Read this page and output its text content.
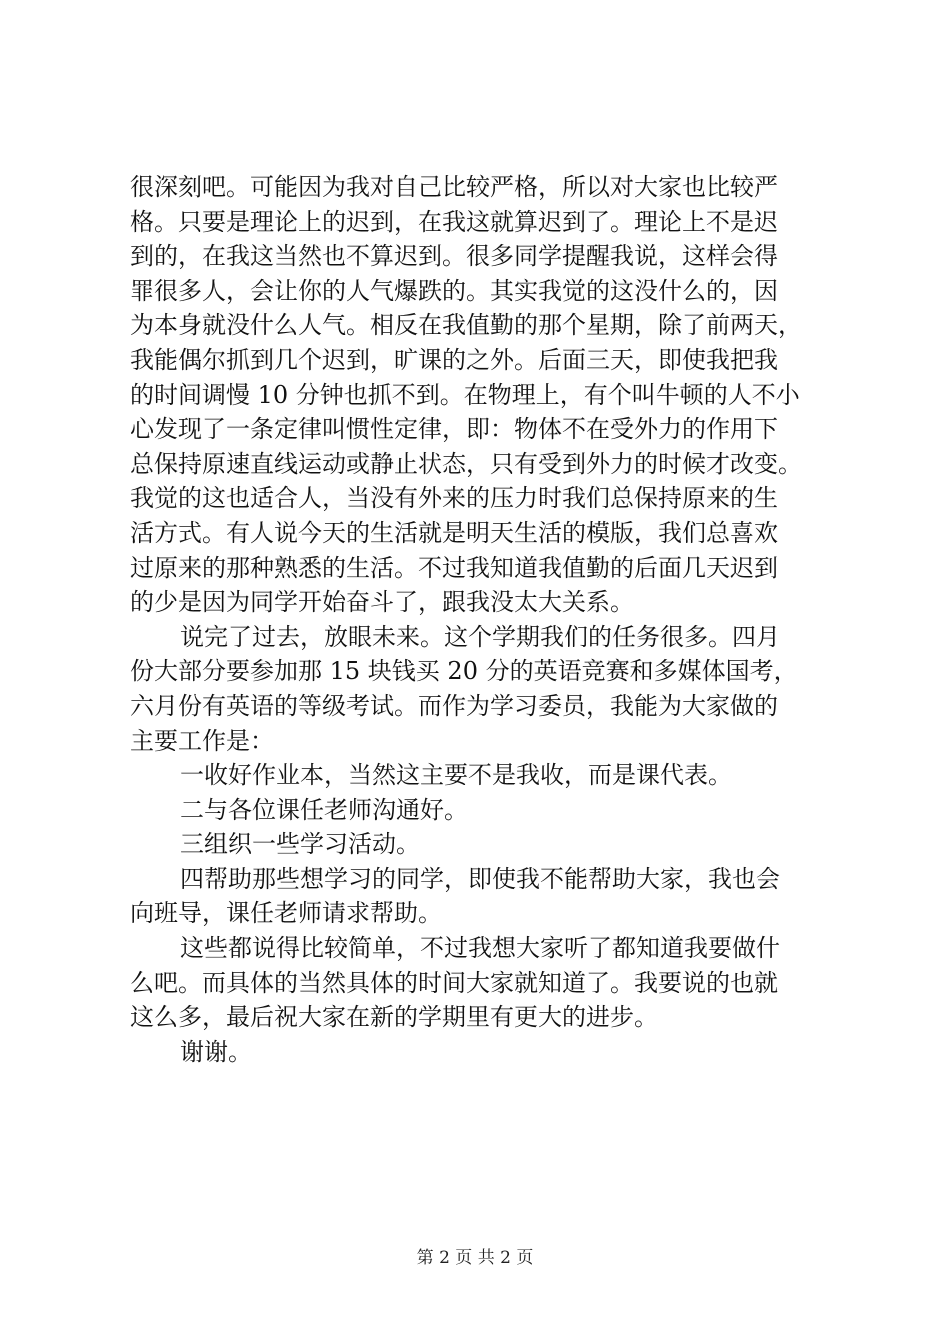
很深刻吧。可能因为我对自己比较严格，所以对大家也比较严
格。只要是理论上的迟到，在我这就算迟到了。理论上不是迟
到的，在我这当然也不算迟到。很多同学提醒我说，这样会得
罪很多人，会让你的人气爆跌的。其实我觉的这没什么的，因
为本身就没什么人气。相反在我值勤的那个星期，除了前两天，
我能偶尔抓到几个迟到，旷课的之外。后面三天，即使我把我
的时间调慢 10 分钟也抓不到。在物理上，有个叫牛顿的人不小
心发现了一条定律叫惯性定律，即：物体不在受外力的作用下
总保持原速直线运动或静止状态，只有受到外力的时候才改变。
我觉的这也适合人，当没有外来的压力时我们总保持原来的生
活方式。有人说今天的生活就是明天生活的模版，我们总喜欢
过原来的那种熟悉的生活。不过我知道我值勤的后面几天迟到
的少是因为同学开始奋斗了，跟我没太大关系。
说完了过去，放眼未来。这个学期我们的任务很多。四月
份大部分要参加那 15 块钱买 20 分的英语竞赛和多媒体国考，
六月份有英语的等级考试。而作为学习委员，我能为大家做的
主要工作是：
一收好作业本，当然这主要不是我收，而是课代表。
二与各位课任老师沟通好。
三组织一些学习活动。
四帮助那些想学习的同学，即使我不能帮助大家，我也会
向班导，课任老师请求帮助。
这些都说得比较简单，不过我想大家听了都知道我要做什
么吧。而具体的当然具体的时间大家就知道了。我要说的也就
这么多，最后祝大家在新的学期里有更大的进步。
谢谢。
第 2 页 共 2 页
